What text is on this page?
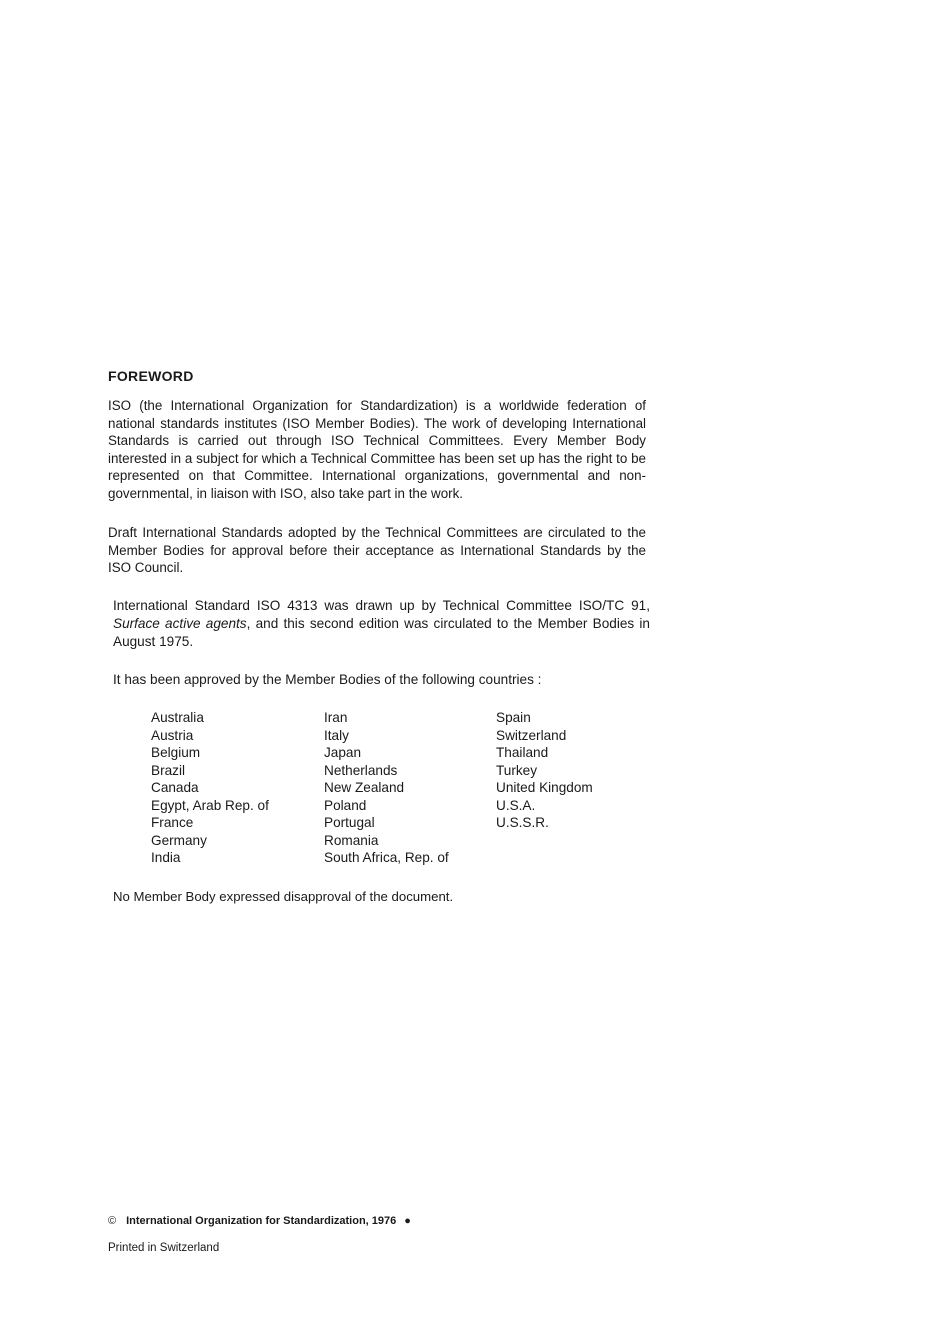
FOREWORD

ISO (the International Organization for Standardization) is a worldwide federation of national standards institutes (ISO Member Bodies). The work of developing International Standards is carried out through ISO Technical Committees. Every Member Body interested in a subject for which a Technical Committee has been set up has the right to be represented on that Committee. International organizations, governmental and non-governmental, in liaison with ISO, also take part in the work.

Draft International Standards adopted by the Technical Committees are circulated to the Member Bodies for approval before their acceptance as International Standards by the ISO Council.

International Standard ISO 4313 was drawn up by Technical Committee ISO/TC 91, Surface active agents, and this second edition was circulated to the Member Bodies in August 1975.

It has been approved by the Member Bodies of the following countries :

Australia
Austria
Belgium
Brazil
Canada
Egypt, Arab Rep. of
France
Germany
India
Iran
Italy
Japan
Netherlands
New Zealand
Poland
Portugal
Romania
South Africa, Rep. of
Spain
Switzerland
Thailand
Turkey
United Kingdom
U.S.A.
U.S.S.R.

No Member Body expressed disapproval of the document.

© International Organization for Standardization, 1976 ●
Printed in Switzerland
